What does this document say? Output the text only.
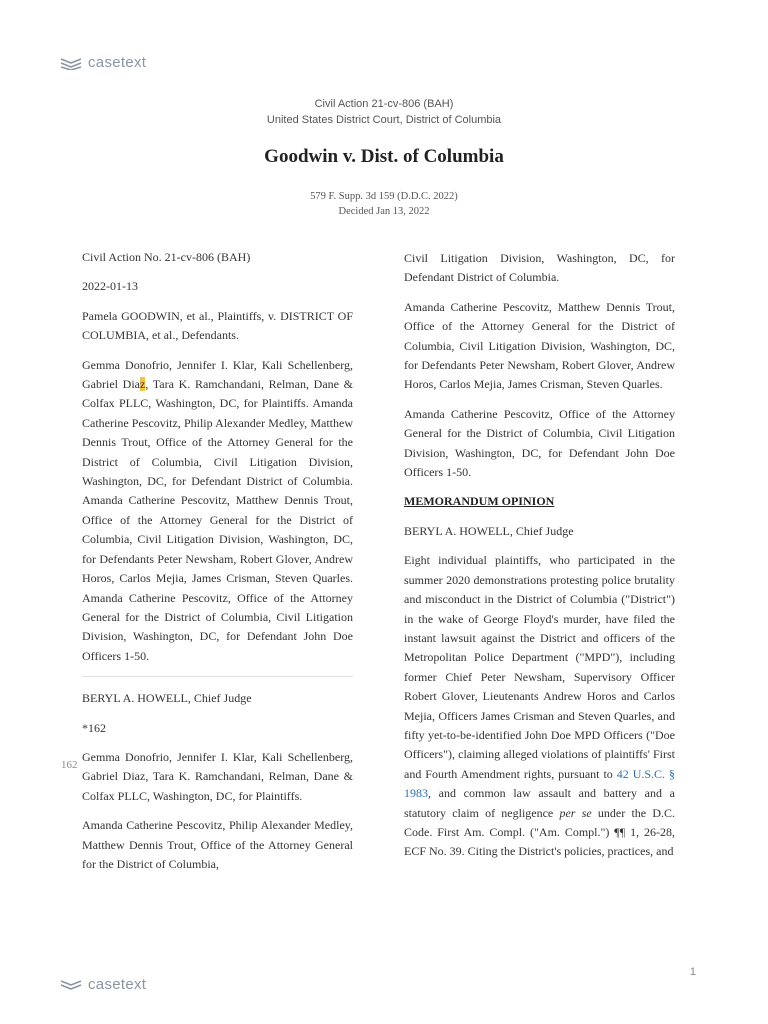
casetext
Civil Action 21-cv-806 (BAH)
United States District Court, District of Columbia
Goodwin v. Dist. of Columbia
579 F. Supp. 3d 159 (D.D.C. 2022)
Decided Jan 13, 2022

Civil Action No. 21-cv-806 (BAH)

2022-01-13

Pamela GOODWIN, et al., Plaintiffs, v. DISTRICT OF COLUMBIA, et al., Defendants.

Gemma Donofrio, Jennifer I. Klar, Kali Schellenberg, Gabriel Diaz, Tara K. Ramchandani, Relman, Dane & Colfax PLLC, Washington, DC, for Plaintiffs. Amanda Catherine Pescovitz, Philip Alexander Medley, Matthew Dennis Trout, Office of the Attorney General for the District of Columbia, Civil Litigation Division, Washington, DC, for Defendant District of Columbia. Amanda Catherine Pescovitz, Matthew Dennis Trout, Office of the Attorney General for the District of Columbia, Civil Litigation Division, Washington, DC, for Defendants Peter Newsham, Robert Glover, Andrew Horos, Carlos Mejia, James Crisman, Steven Quarles. Amanda Catherine Pescovitz, Office of the Attorney General for the District of Columbia, Civil Litigation Division, Washington, DC, for Defendant John Doe Officers 1-50.

BERYL A. HOWELL, Chief Judge

*162

Gemma Donofrio, Jennifer I. Klar, Kali Schellenberg, Gabriel Diaz, Tara K. Ramchandani, Relman, Dane & Colfax PLLC, Washington, DC, for Plaintiffs.

Amanda Catherine Pescovitz, Philip Alexander Medley, Matthew Dennis Trout, Office of the Attorney General for the District of Columbia,

162

Civil Litigation Division, Washington, DC, for Defendant District of Columbia.

Amanda Catherine Pescovitz, Matthew Dennis Trout, Office of the Attorney General for the District of Columbia, Civil Litigation Division, Washington, DC, for Defendants Peter Newsham, Robert Glover, Andrew Horos, Carlos Mejia, James Crisman, Steven Quarles.

Amanda Catherine Pescovitz, Office of the Attorney General for the District of Columbia, Civil Litigation Division, Washington, DC, for Defendant John Doe Officers 1-50.

MEMORANDUM OPINION

BERYL A. HOWELL, Chief Judge

Eight individual plaintiffs, who participated in the summer 2020 demonstrations protesting police brutality and misconduct in the District of Columbia ("District") in the wake of George Floyd's murder, have filed the instant lawsuit against the District and officers of the Metropolitan Police Department ("MPD"), including former Chief Peter Newsham, Supervisory Officer Robert Glover, Lieutenants Andrew Horos and Carlos Mejia, Officers James Crisman and Steven Quarles, and fifty yet-to-be-identified John Doe MPD Officers ("Doe Officers"), claiming alleged violations of plaintiffs' First and Fourth Amendment rights, pursuant to 42 U.S.C. § 1983, and common law assault and battery and a statutory claim of negligence per se under the D.C. Code. First Am. Compl. ("Am. Compl.") ¶¶ 1, 26-28, ECF No. 39. Citing the District's policies, practices, and

casetext
1
